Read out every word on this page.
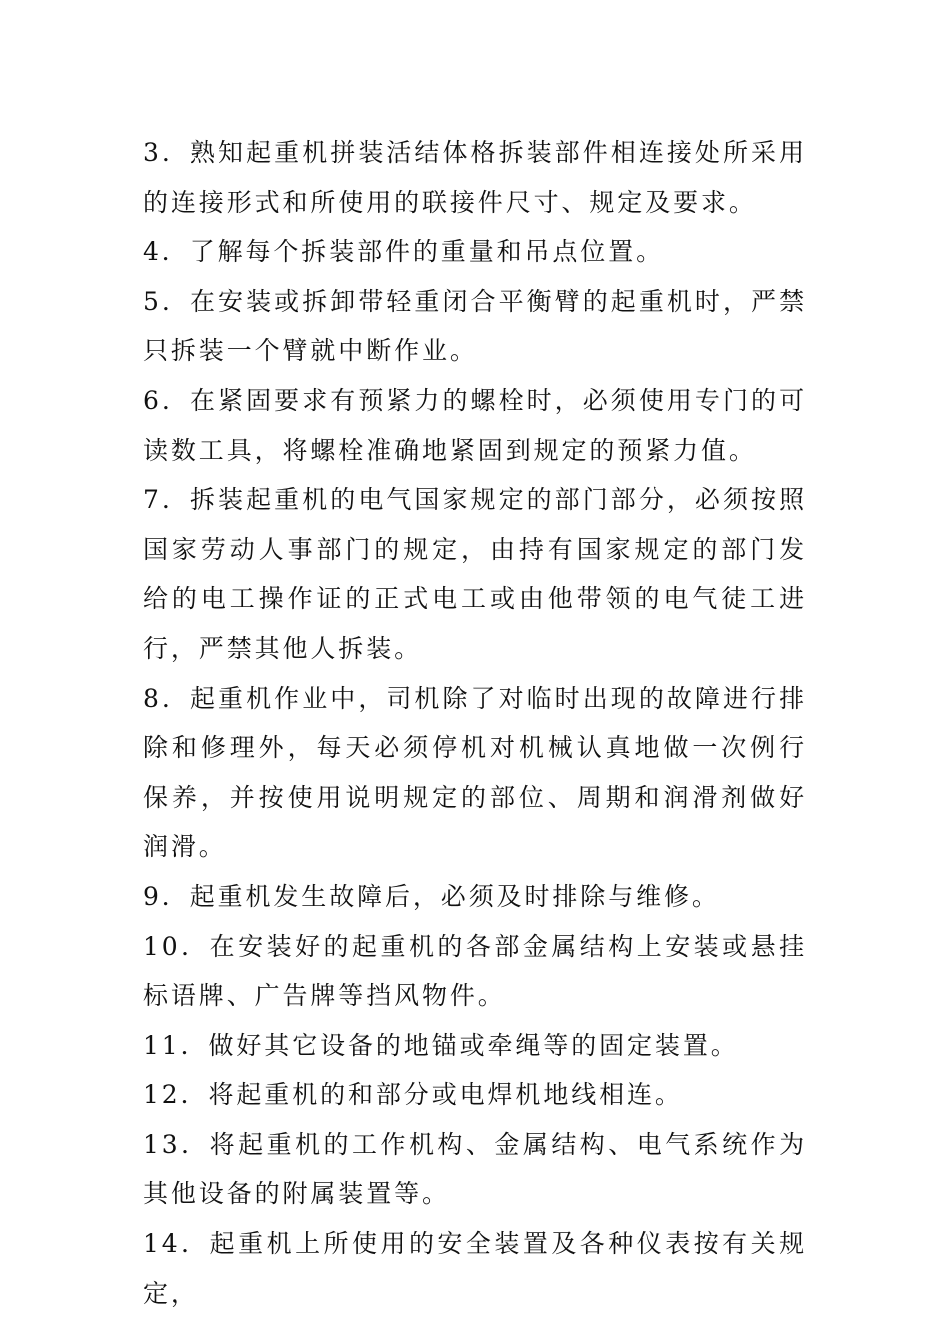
3．熟知起重机拼装活结体格拆装部件相连接处所采用的连接形式和所使用的联接件尺寸、规定及要求。

4．了解每个拆装部件的重量和吊点位置。

5．在安装或拆卸带轻重闭合平衡臂的起重机时，严禁只拆装一个臂就中断作业。

6．在紧固要求有预紧力的螺栓时，必须使用专门的可读数工具，将螺栓准确地紧固到规定的预紧力值。

7．拆装起重机的电气国家规定的部门部分，必须按照国家劳动人事部门的规定，由持有国家规定的部门发给的电工操作证的正式电工或由他带领的电气徒工进行，严禁其他人拆装。

8．起重机作业中，司机除了对临时出现的故障进行排除和修理外，每天必须停机对机械认真地做一次例行保养，并按使用说明规定的部位、周期和润滑剂做好润滑。

9．起重机发生故障后，必须及时排除与维修。

10．在安装好的起重机的各部金属结构上安装或悬挂标语牌、广告牌等挡风物件。

11．做好其它设备的地锚或牵绳等的固定装置。

12．将起重机的和部分或电焊机地线相连。

13．将起重机的工作机构、金属结构、电气系统作为其他设备的附属装置等。

14．起重机上所使用的安全装置及各种仪表按有关规定，
